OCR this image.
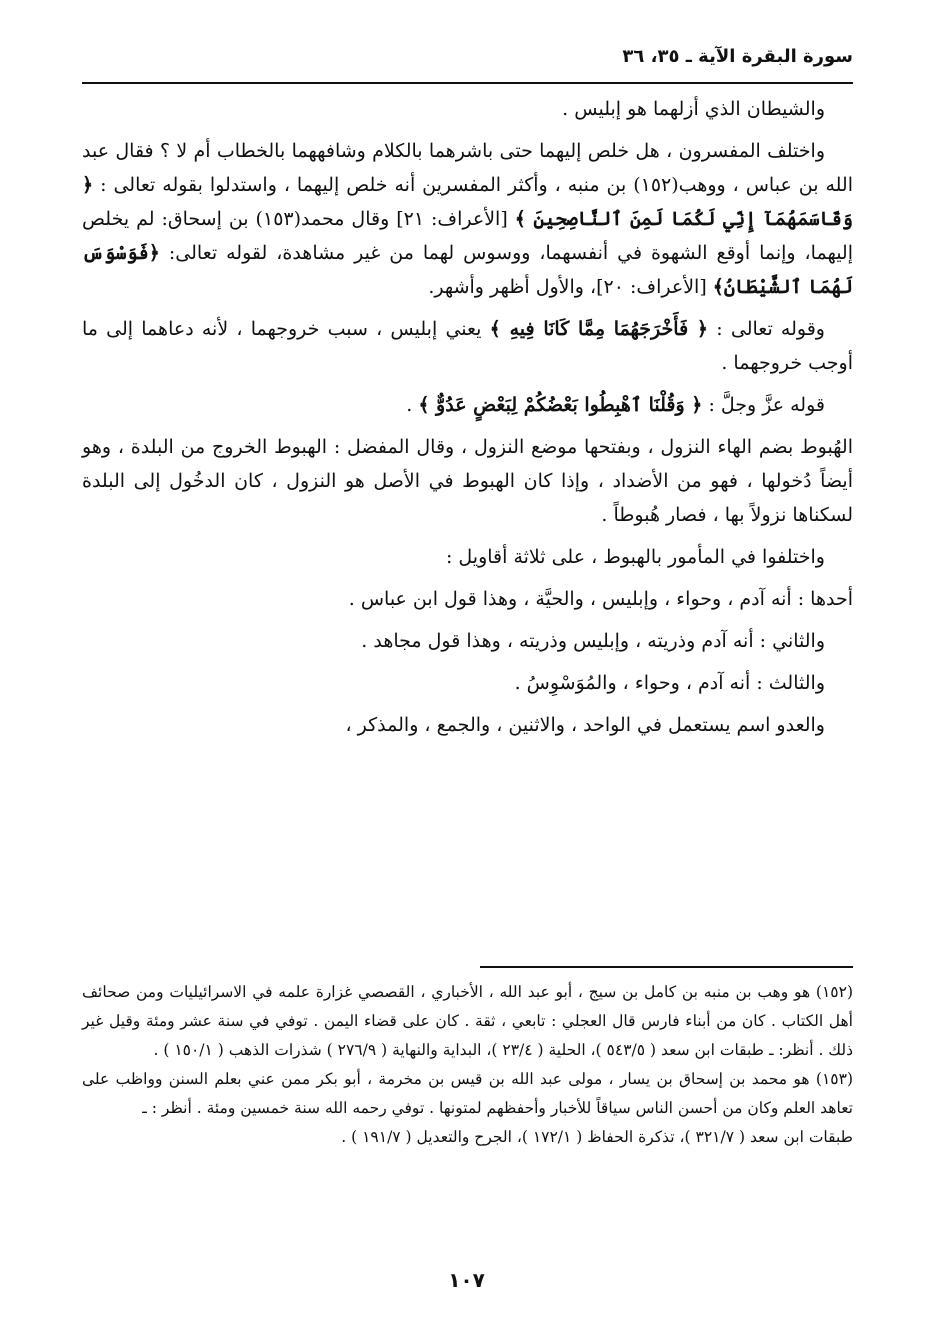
سورة البقرة الآية ـ ٣٥، ٣٦

والشيطان الذي أزلهما هو إبليس .

واختلف المفسرون ، هل خلص إليهما حتى باشرهما بالكلام وشافههما بالخطاب أم لا ؟ فقال عبد الله بن عباس ، ووهب(١٥٢) بن منبه ، وأكثر المفسرين أنه خلص إليهما ، واستدلوا بقوله تعالى : ﴿ وَقَاسَمَهُمَآ إِنِّي لَكُمَا لَمِنَ ٱلنَّاصِحِينَ ﴾ [الأعراف: ٢١] وقال محمد(١٥٣) بن إسحاق: لم يخلص إليهما، وإنما أوقع الشهوة في أنفسهما، ووسوس لهما من غير مشاهدة، لقوله تعالى: ﴿فَوَسْوَسَ لَهُمَا ٱلشَّيْطَانُ﴾ [الأعراف: ٢٠]، والأول أظهر وأشهر.

وقوله تعالى : ﴿ فَأَخْرَجَهُمَا مِمَّا كَانَا فِيهِ ﴾ يعني إبليس ، سبب خروجهما ، لأنه دعاهما إلى ما أوجب خروجهما .

قوله عزَّ وجلَّ : ﴿ وَقُلْنَا ٱهْبِطُوا بَعْضُكُمْ لِبَعْضٍ عَدُوٌّ ﴾ .

الهُبوط بضم الهاء النزول ، وبفتحها موضع النزول ، وقال المفضل : الهبوط الخروج من البلدة ، وهو أيضاً دُخولها ، فهو من الأضداد ، وإذا كان الهبوط في الأصل هو النزول ، كان الدخُول إلى البلدة لسكناها نزولاً بها ، فصار هُبوطاً .

واختلفوا في المأمور بالهبوط ، على ثلاثة أقاويل :

أحدها : أنه آدم ، وحواء ، وإبليس ، والحيَّة ، وهذا قول ابن عباس .

والثاني : أنه آدم وذريته ، وإبليس وذريته ، وهذا قول مجاهد .

والثالث : أنه آدم ، وحواء ، والمُوَسْوِسُ .

والعدو اسم يستعمل في الواحد ، والاثنين ، والجمع ، والمذكر ،

(١٥٢) هو وهب بن منبه بن كامل بن سيج ، أبو عبد الله ، الأخباري ، القصصي غزارة علمه في الاسرائيليات ومن صحائف أهل الكتاب . كان من أبناء فارس قال العجلي : تابعي ، ثقة . كان على قضاء اليمن . توفي في سنة عشر ومئة وقيل غير ذلك . أنظر: ـ طبقات ابن سعد ( ٥٤٣/٥ )، الحلية ( ٢٣/٤ )، البداية والنهاية ( ٢٧٦/٩ ) شذرات الذهب ( ١٥٠/١ ) .

(١٥٣) هو محمد بن إسحاق بن يسار ، مولى عبد الله بن قيس بن مخرمة ، أبو بكر ممن عني بعلم السنن وواظب على تعاهد العلم وكان من أحسن الناس سياقاً للأخبار وأحفظهم لمتونها . توفي رحمه الله سنة خمسين ومئة . أنظر : ـ

طبقات ابن سعد ( ٣٢١/٧ )، تذكرة الحفاظ ( ١٧٢/١ )، الجرح والتعديل ( ١٩١/٧ ) .

١٠٧
